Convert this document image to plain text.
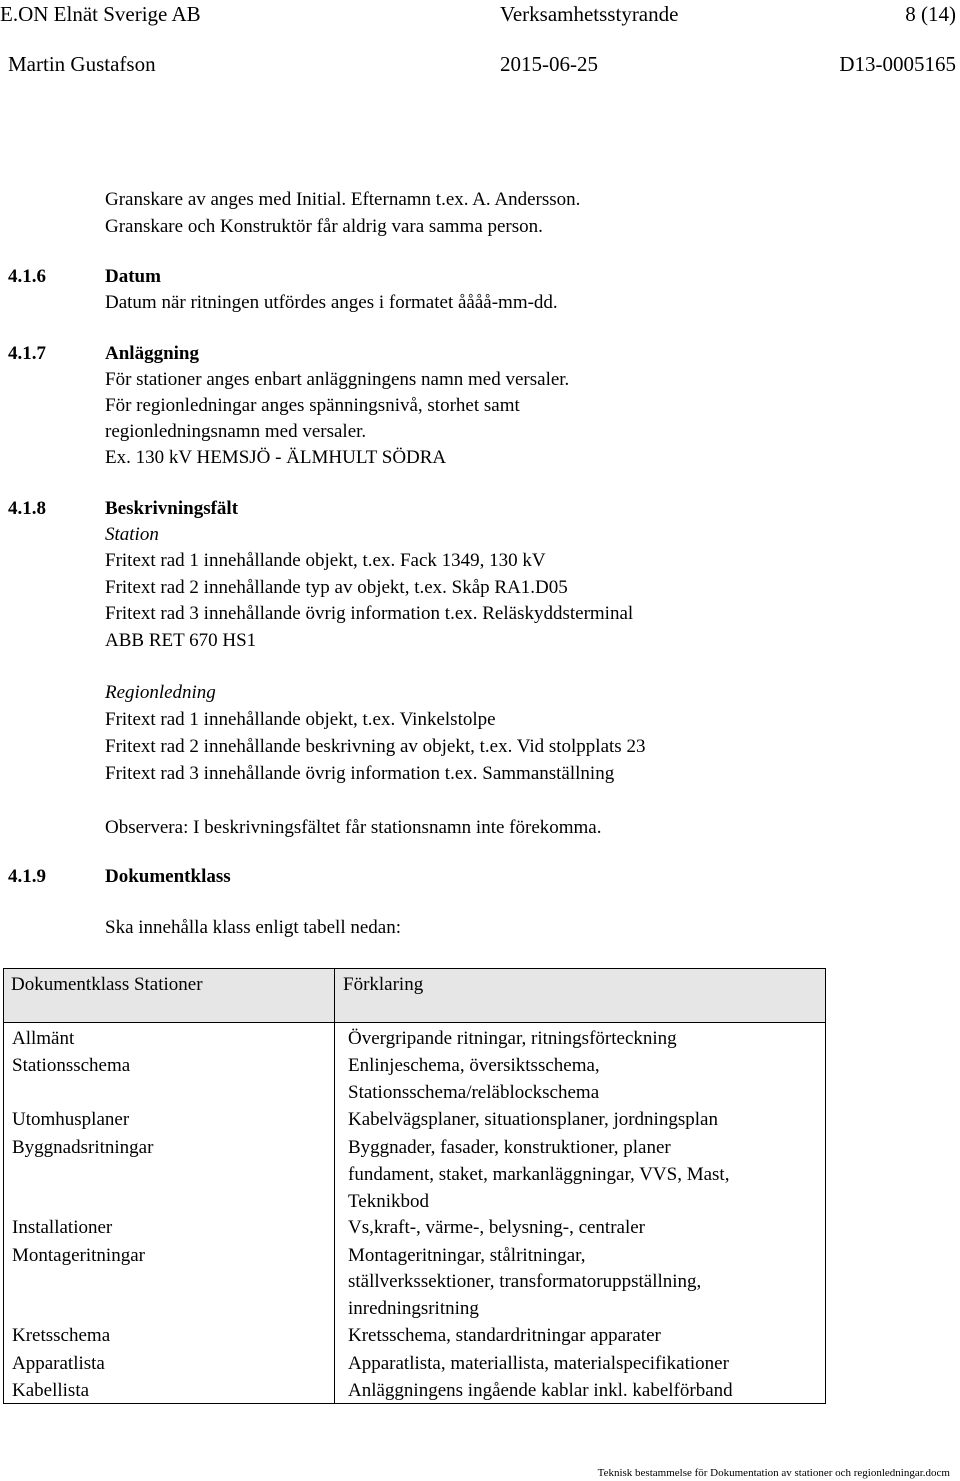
E.ON Elnät Sverige AB	Verksamhetsstyrande	8 (14)
Martin Gustafson	2015-06-25	D13-0005165
Granskare av anges med Initial. Efternamn t.ex. A. Andersson.
Granskare och Konstruktör får aldrig vara samma person.
4.1.6	Datum
Datum när ritningen utfördes anges i formatet åååå-mm-dd.
4.1.7	Anläggning
För stationer anges enbart anläggningens namn med versaler.
För regionledningar anges spänningsnivå, storhet samt
regionledningsnamn med versaler.
Ex. 130 kV HEMSJÖ - ÄLMHULT SÖDRA
4.1.8	Beskrivningsfält
Station
Fritext rad 1 innehållande objekt, t.ex. Fack 1349, 130 kV
Fritext rad 2 innehållande typ av objekt, t.ex. Skåp RA1.D05
Fritext rad 3 innehållande övrig information t.ex. Reläskyddsterminal
ABB RET 670 HS1
Regionledning
Fritext rad 1 innehållande objekt, t.ex. Vinkelstolpe
Fritext rad 2 innehållande beskrivning av objekt, t.ex. Vid stolpplats 23
Fritext rad 3 innehållande övrig information t.ex. Sammanställning
Observera: I beskrivningsfältet får stationsnamn inte förekomma.
4.1.9	Dokumentklass
Ska innehålla klass enligt tabell nedan:
Dokumentklass Stationer	Förklaring
Allmänt	Övergripande ritningar, ritningsförteckning
Stationsschema	Enlinjeschema, översiktsschema,
Stationsschema/reläblockschema
Utomhusplaner	Kabelvägsplaner, situationsplaner, jordningsplan
Byggnadsritningar	Byggnader, fasader, konstruktioner, planer
fundament, staket, markanläggningar, VVS, Mast,
Teknikbod
Installationer	Vs,kraft-, värme-, belysning-, centraler
Montageritningar	Montageritningar, stålritningar,
ställverkssektioner, transformatoruppställning,
inredningsritning
Kretsschema	Kretsschema, standardritningar apparater
Apparatlista	Apparatlista, materiallista, materialspecifikationer
Kabellista	Anläggningens ingående kablar inkl. kabelförband
Teknisk bestammelse för Dokumentation av stationer och regionledningar.docm
